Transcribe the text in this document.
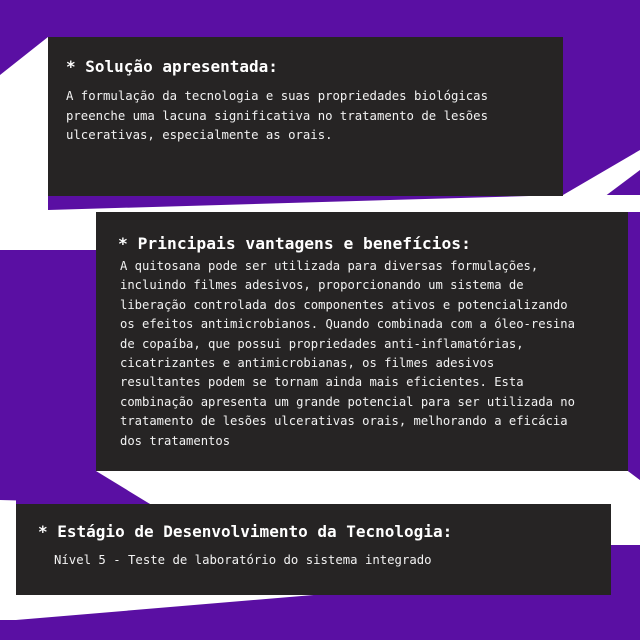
* Solução apresentada:

A formulação da tecnologia e suas propriedades biológicas
preenche uma lacuna significativa no tratamento de lesões
ulcerativas, especialmente as orais.

* Principais vantagens e benefícios:

A quitosana pode ser utilizada para diversas formulações,
incluindo filmes adesivos, proporcionando um sistema de
liberação controlada dos componentes ativos e potencializando
os efeitos antimicrobianos. Quando combinada com a óleo-resina
de copaíba, que possui propriedades anti-inflamatórias,
cicatrizantes e antimicrobianas, os filmes adesivos
resultantes podem se tornam ainda mais eficientes. Esta
combinação apresenta um grande potencial para ser utilizada no
tratamento de lesões ulcerativas orais, melhorando a eficácia
dos tratamentos

* Estágio de Desenvolvimento da Tecnologia:

Nível 5 - Teste de laboratório do sistema integrado
